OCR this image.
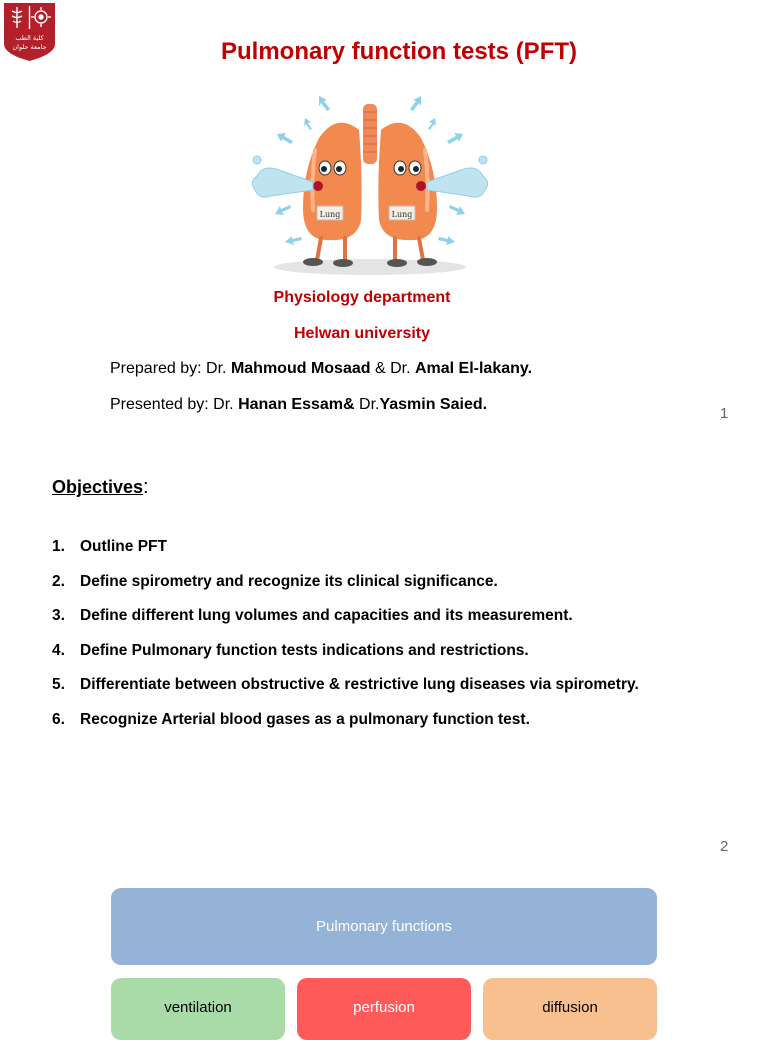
كلية الطب
جامعة حلوان	Pulmonary function tests (PFT)
Lung	Lung
Physiology department
Helwan university
Prepared by: Dr. Mahmoud Mosaad & Dr. Amal El-lakany.
Presented by: Dr. Hanan Essam& Dr.Yasmin Saied.
1
Objectives:
1. Outline PFT
2. Define spirometry and recognize its clinical significance.
3. Define different lung volumes and capacities and its measurement.
4. Define Pulmonary function tests indications and restrictions.
5. Differentiate between obstructive & restrictive lung diseases via spirometry.
6. Recognize Arterial blood gases as a pulmonary function test.
2
Pulmonary functions
ventilation	perfusion	diffusion
